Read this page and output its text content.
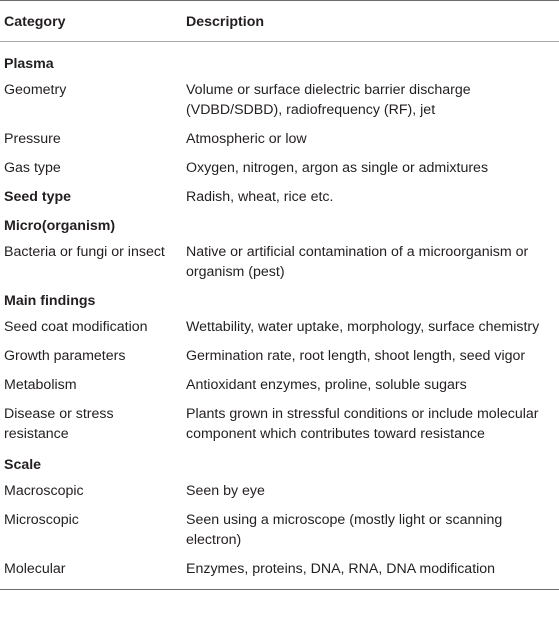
Category	Description
Plasma	
Geometry	Volume or surface dielectric barrier discharge (VDBD/SDBD), radiofrequency (RF), jet
Pressure	Atmospheric or low
Gas type	Oxygen, nitrogen, argon as single or admixtures
Seed type	Radish, wheat, rice etc.
Micro(organism)	
Bacteria or fungi or insect	Native or artificial contamination of a microorganism or organism (pest)
Main findings	
Seed coat modification	Wettability, water uptake, morphology, surface chemistry
Growth parameters	Germination rate, root length, shoot length, seed vigor
Metabolism	Antioxidant enzymes, proline, soluble sugars
Disease or stress resistance	Plants grown in stressful conditions or include molecular component which contributes toward resistance
Scale	
Macroscopic	Seen by eye
Microscopic	Seen using a microscope (mostly light or scanning electron)
Molecular	Enzymes, proteins, DNA, RNA, DNA modification
